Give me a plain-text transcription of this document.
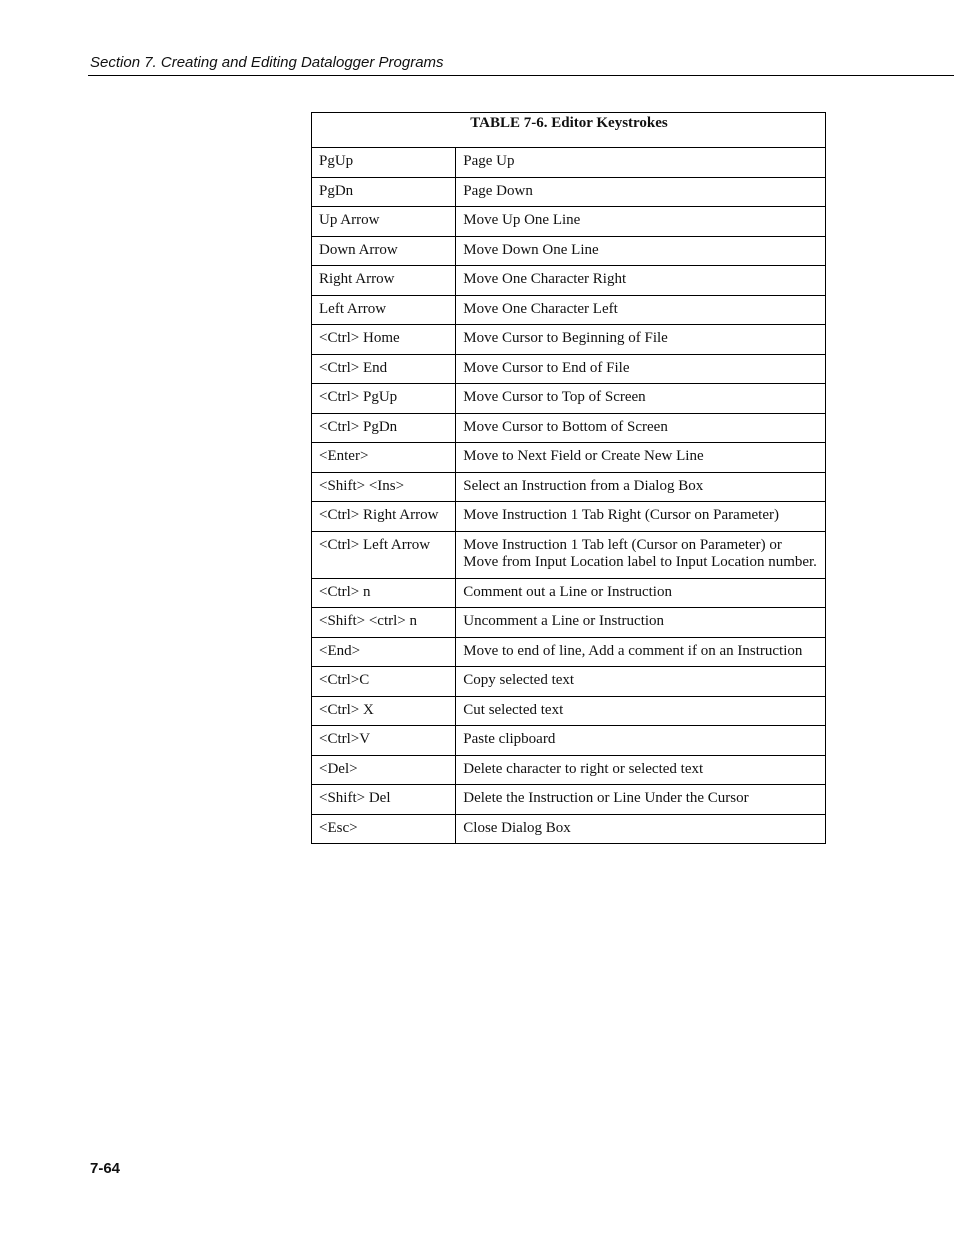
Section 7. Creating and Editing Datalogger Programs
TABLE 7-6. Editor Keystrokes	
PgUp	Page Up
PgDn	Page Down
Up Arrow	Move Up One Line
Down Arrow	Move Down One Line
Right Arrow	Move One Character Right
Left Arrow	Move One Character Left
<Ctrl> Home	Move Cursor to Beginning of File
<Ctrl> End	Move Cursor to End of File
<Ctrl> PgUp	Move Cursor to Top of Screen
<Ctrl> PgDn	Move Cursor to Bottom of Screen
<Enter>	Move to Next Field or Create New Line
<Shift> <Ins>	Select an Instruction from a Dialog Box
<Ctrl> Right Arrow	Move Instruction 1 Tab Right (Cursor on Parameter)
<Ctrl> Left Arrow	Move Instruction 1 Tab left (Cursor on Parameter) or Move from Input Location label to Input Location number.
<Ctrl> n	Comment out a Line or Instruction
<Shift> <ctrl> n	Uncomment a Line or Instruction
<End>	Move to end of line, Add a comment if on an Instruction
<Ctrl>C	Copy selected text
<Ctrl> X	Cut selected text
<Ctrl>V	Paste clipboard
<Del>	Delete character to right or selected text
<Shift> Del	Delete the Instruction or Line Under the Cursor
<Esc>	Close Dialog Box
7-64
